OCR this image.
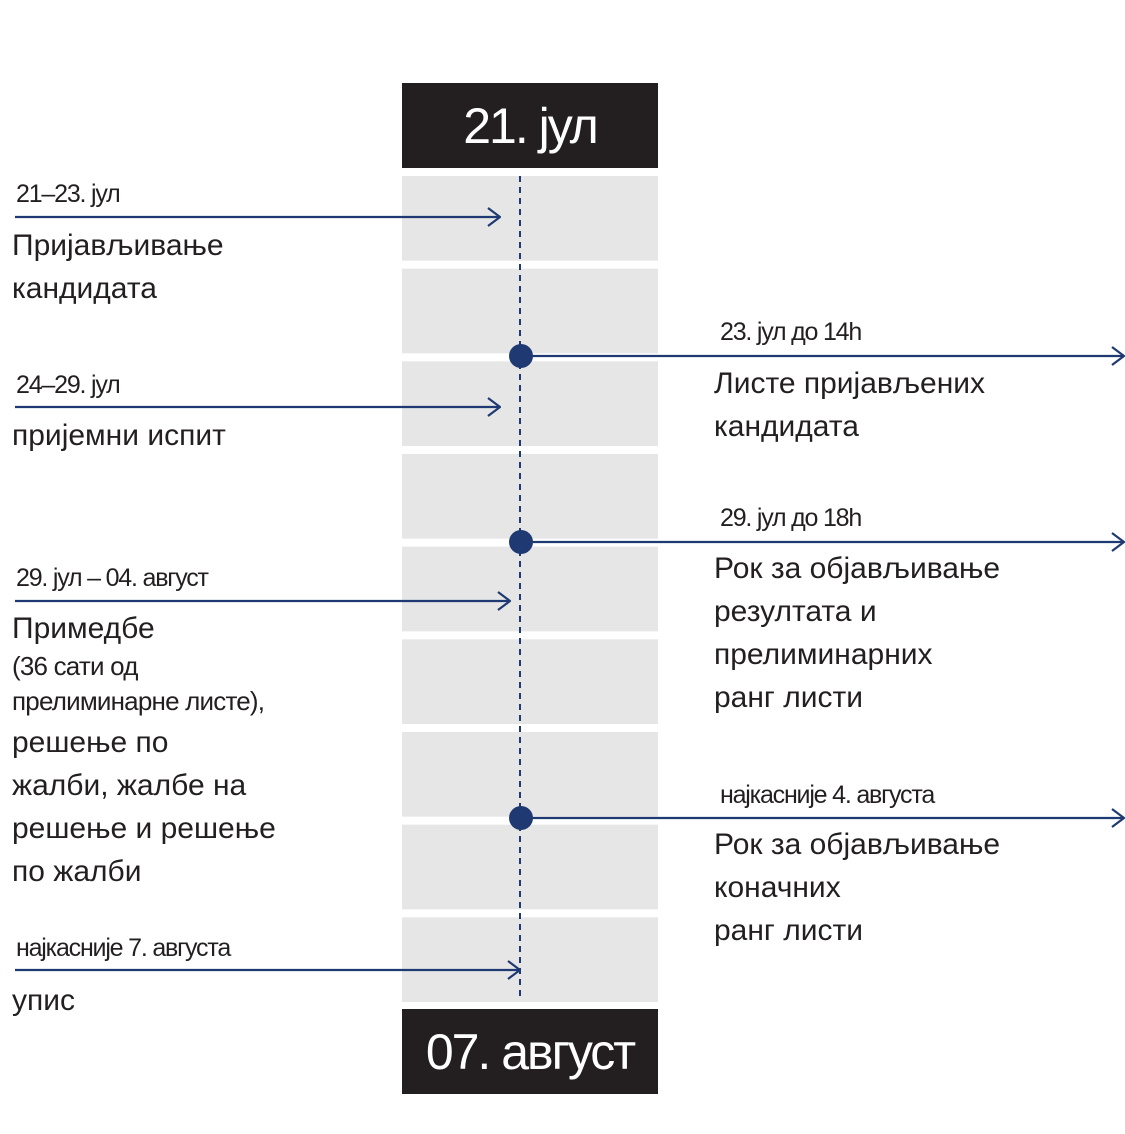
21. јул
07. август
21–23. јул
Пријављивање
кандидата
24–29. јул
пријемни испит
29. јул – 04. август
Примедбе
(36 сати од
прелиминарне листе),
решење по
жалби, жалбе на
решење и решење
по жалби
најкасније 7. августа
упис
23. јул до 14h
Листе пријављених
кандидата
29. јул до 18h
Рок за објављивање
резултата и
прелиминарних
ранг листи
најкасније 4. августа
Рок за објављивање
коначних
ранг листи
